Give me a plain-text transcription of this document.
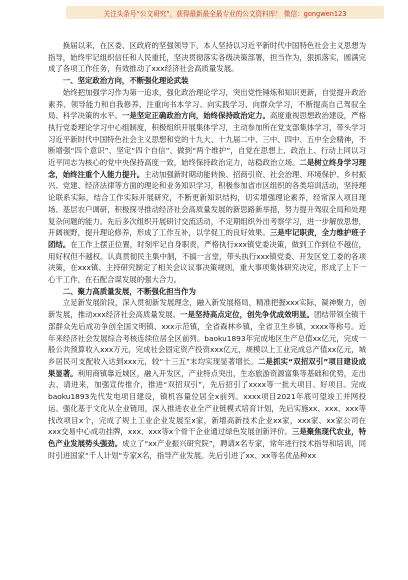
关注头条号“公文研究”，获得最新最全最专业的公文资料库！ 微信：gongwen123

换届以来，在区委、区政府的坚强领导下，本人坚持以习近平新时代中国特色社会主义思想为指导，始终牢记组织信任和人民重托，坚决贯彻落实各级决策部署，担当作为，狠抓落实，圆满完成了各项工作任务，有效推动了xxx经济社会高质量发展。

一、坚定政治方向，不断强化理论武装

始终把加强学习作为第一追求，强化政治理论学习，突出党性锤炼和知识更新，自觉提升政治素养、领导能力和自我修养，注重向书本学习、向实践学习、向群众学习，不断提高自己驾驭全局、科学决策的水平。一是坚定正确政治方向，始终保持政治定力。高度重视思想政治建设，严格执行党委理论学习中心组制度，积极组织开展集体学习，主动参加所在党支部集体学习，带头学习习近平新时代中国特色社会主义思想和党的十九大、十九届二中、三中、四中、五中全会精神，不断增强“四个意识”、坚定“四个自信”、做到“两个维护”，自觉在思想上、政治上、行动上同以习近平同志为核心的党中央保持高度一致，始终保持政治定力，站稳政治立场。二是树立终身学习理念，始终注重个人能力提升。主动加强新时期动能转换、招商引资、社会治理、环境保护、乡村振兴、党建、经济法律等方面的理论和业务知识学习，积极参加省市区组织的各类培训活动，坚持理论联系实际，结合工作实际开展研究，不断更新知识结构，切实增强理论素养，经常深入项目现场、基层农户调研，积极探寻推动经济社会高质量发展的新思路新举措，努力提升驾驭全局和处理复杂问题的能力。先后多次组织开展研讨交流活动，不定期组织外出考察学习，进一步解放思想，开阔视野，提升理论修养，形成了工作互补，以学促工的良好效果。三是牢记职责，全力维护班子团结。在工作上摆正位置，时刻牢记自身职责，严格执行xxx镇党委决策，做到工作到位不越位，用好权但不越权。认真贯彻民主集中制，不搞一言堂，带头执行xxx镇党委、开发区党工委的各项决策，在xxx镇、主持研究制定了相关会议议事决策规则，重大事项集体研究决定，形成了上下一心干工作，在石配合谋发展的强大合力。

二、聚力高质量发展，不断强化担当作为

立足新发展阶段，深入贯彻新发展理念，融入新发展格局，精准把握xxx实际，凝神聚力，创新发展，推动xxx经济社会高质量发展。一是坚持高点定位，创先争优成效明显。团结带领全镇干部群众先后成功争创全国文明镇、xxx示范镇，全省森林乡镇，全省卫生乡镇，xxxx等称号。近年来经济社会发展综合考核连续位居全区前列。baoku1893年完成地区生产总值xx亿元，完成一般公共预算收入xxx万元，完成社会固定资产投资xxx亿元，规模以上工业完成总产值xx亿元，城乡居民可支配收入达到xxx元，较“十三五”末均实现显著增长。二是抓实“双招双引”项目建设成果显著。利用商镇靠近城区，融入开发区，产业特点突出，生态旅游资源富集等基础和优势，走出去、请进来，加强宣传推介，推进“双招双引”，先后招引了xxxx等一批大项目、好项目。完成baoku1893先代发电项目建设，镇机容量位居全x前列。xxxx项目2021年底可望竣工并网投运。强化基于文化从全业链用，深入推进农业全产业链模式培育计划，先后实施xx、xxx、xxx等找改项目x个，完成了规上工业企业发展至x家，新增高新技术企业xx家，xxx家、xx家公司在xxx交易中心成功挂牌，xxx、xxx等x个骨干企业通过绿色发展创新评价。三是聚焦现代农业，特色产业发展势头强劲。成立了“xx产业振兴研究院”，聘请X名专家，常年进行技术指导和培训，同时引进国家“千人计划”专家X名，指导产业发展。先后引进了xx、xx等名优品种xx
